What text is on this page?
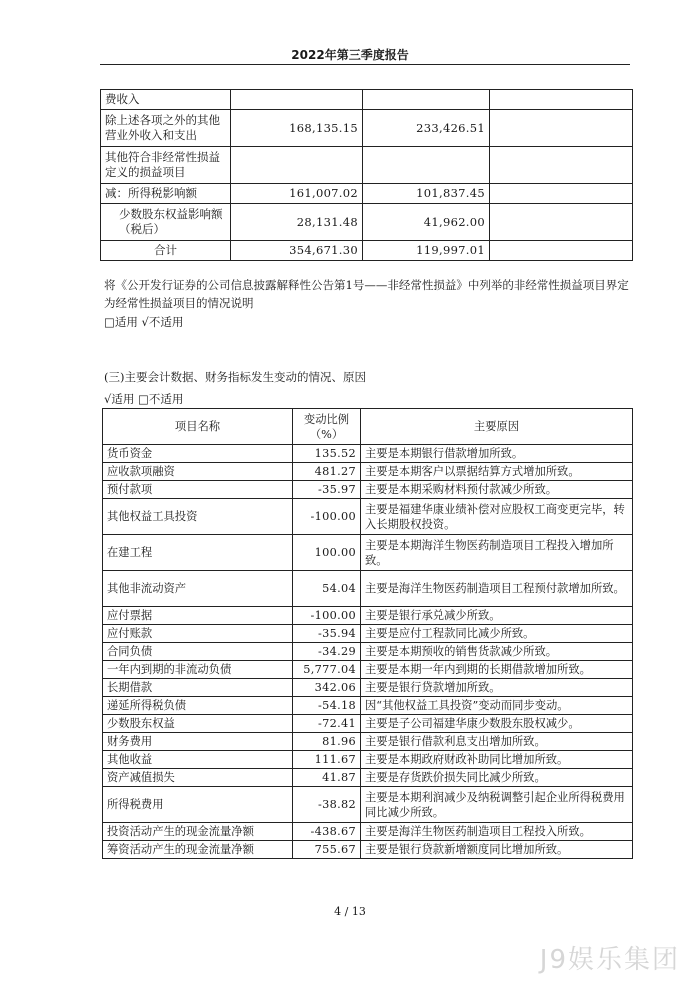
2022年第三季度报告
费收入			
除上述各项之外的其他营业外收入和支出	168,135.15	233,426.51	
其他符合非经常性损益定义的损益项目			
减：所得税影响额	161,007.02	101,837.45	
少数股东权益影响额（税后）	28,131.48	41,962.00	
合计	354,671.30	119,997.01	
将《公开发行证券的公司信息披露解释性公告第1号——非经常性损益》中列举的非经常性损益项目界定为经常性损益项目的情况说明
□适用 √不适用
(三)主要会计数据、财务指标发生变动的情况、原因
√适用 □不适用
项目名称	变动比例（%）	主要原因
货币资金	135.52	主要是本期银行借款增加所致。
应收款项融资	481.27	主要是本期客户以票据结算方式增加所致。
预付款项	-35.97	主要是本期采购材料预付款减少所致。
其他权益工具投资	-100.00	主要是福建华康业绩补偿对应股权工商变更完毕，转入长期股权投资。
在建工程	100.00	主要是本期海洋生物医药制造项目工程投入增加所致。
其他非流动资产	54.04	主要是海洋生物医药制造项目工程预付款增加所致。
应付票据	-100.00	主要是银行承兑减少所致。
应付账款	-35.94	主要是应付工程款同比减少所致。
合同负债	-34.29	主要是本期预收的销售货款减少所致。
一年内到期的非流动负债	5,777.04	主要是本期一年内到期的长期借款增加所致。
长期借款	342.06	主要是银行贷款增加所致。
递延所得税负债	-54.18	因“其他权益工具投资”变动而同步变动。
少数股东权益	-72.41	主要是子公司福建华康少数股东股权减少。
财务费用	81.96	主要是银行借款利息支出增加所致。
其他收益	111.67	主要是本期政府财政补助同比增加所致。
资产减值损失	41.87	主要是存货跌价损失同比减少所致。
所得税费用	-38.82	主要是本期利润减少及纳税调整引起企业所得税费用同比减少所致。
投资活动产生的现金流量净额	-438.67	主要是海洋生物医药制造项目工程投入所致。
筹资活动产生的现金流量净额	755.67	主要是银行贷款新增额度同比增加所致。
4 / 13
J9娱乐集团
